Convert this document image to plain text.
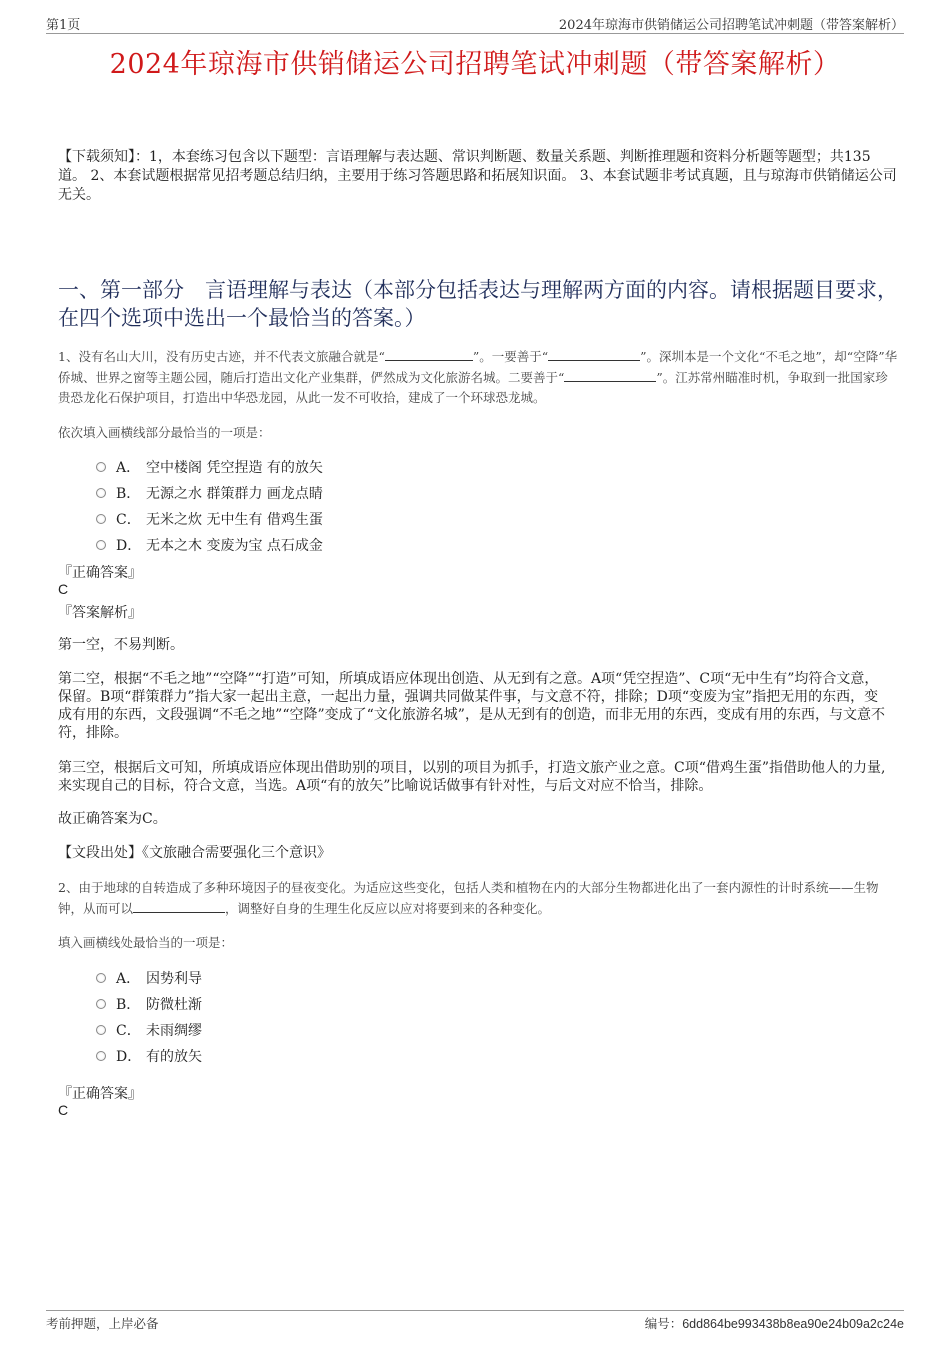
第1页	2024年琼海市供销储运公司招聘笔试冲刺题（带答案解析）
2024年琼海市供销储运公司招聘笔试冲刺题（带答案解析）
【下载须知】：1，本套练习包含以下题型：言语理解与表达题、常识判断题、数量关系题、判断推理题和资料分析题等题型；共135道。 2、本套试题根据常见招考题总结归纳，主要用于练习答题思路和拓展知识面。 3、本套试题非考试真题，且与琼海市供销储运公司无关。
一、第一部分　言语理解与表达（本部分包括表达与理解两方面的内容。请根据题目要求，在四个选项中选出一个最恰当的答案。）
1、没有名山大川，没有历史古迹，并不代表文旅融合就是“	”。一要善于“	”。深圳本是一个文化“不毛之地”，却“空降”华侨城、世界之窗等主题公园，随后打造出文化产业集群，俨然成为文化旅游名城。二要善于“	”。江苏常州瞄准时机，争取到一批国家珍贵恐龙化石保护项目，打造出中华恐龙园，从此一发不可收拾，建成了一个环球恐龙城。
依次填入画横线部分最恰当的一项是：
A． 空中楼阁 凭空捏造 有的放矢
B． 无源之水 群策群力 画龙点睛
C． 无米之炊 无中生有 借鸡生蛋
D． 无本之木 变废为宝 点石成金
『正确答案』
C
『答案解析』
第一空，不易判断。
第二空，根据“不毛之地”“空降”“打造”可知，所填成语应体现出创造、从无到有之意。A项“凭空捏造”、C项“无中生有”均符合文意，保留。B项“群策群力”指大家一起出主意，一起出力量，强调共同做某件事，与文意不符，排除；D项“变废为宝”指把无用的东西，变成有用的东西，文段强调“不毛之地”“空降”变成了“文化旅游名城”，是从无到有的创造，而非无用的东西，变成有用的东西，与文意不符，排除。
第三空，根据后文可知，所填成语应体现出借助别的项目，以别的项目为抓手，打造文旅产业之意。C项“借鸡生蛋”指借助他人的力量,来实现自己的目标，符合文意，当选。A项“有的放矢”比喻说话做事有针对性，与后文对应不恰当，排除。
故正确答案为C。
【文段出处】《文旅融合需要强化三个意识》
2、由于地球的自转造成了多种环境因子的昼夜变化。为适应这些变化，包括人类和植物在内的大部分生物都进化出了一套内源性的计时系统——生物钟，从而可以	，调整好自身的生理生化反应以应对将要到来的各种变化。
填入画横线处最恰当的一项是：
A． 因势利导
B． 防微杜渐
C． 未雨绸缪
D． 有的放矢
『正确答案』
C
考前押题，上岸必备	编号：6dd864be993438b8ea90e24b09a2c24e
